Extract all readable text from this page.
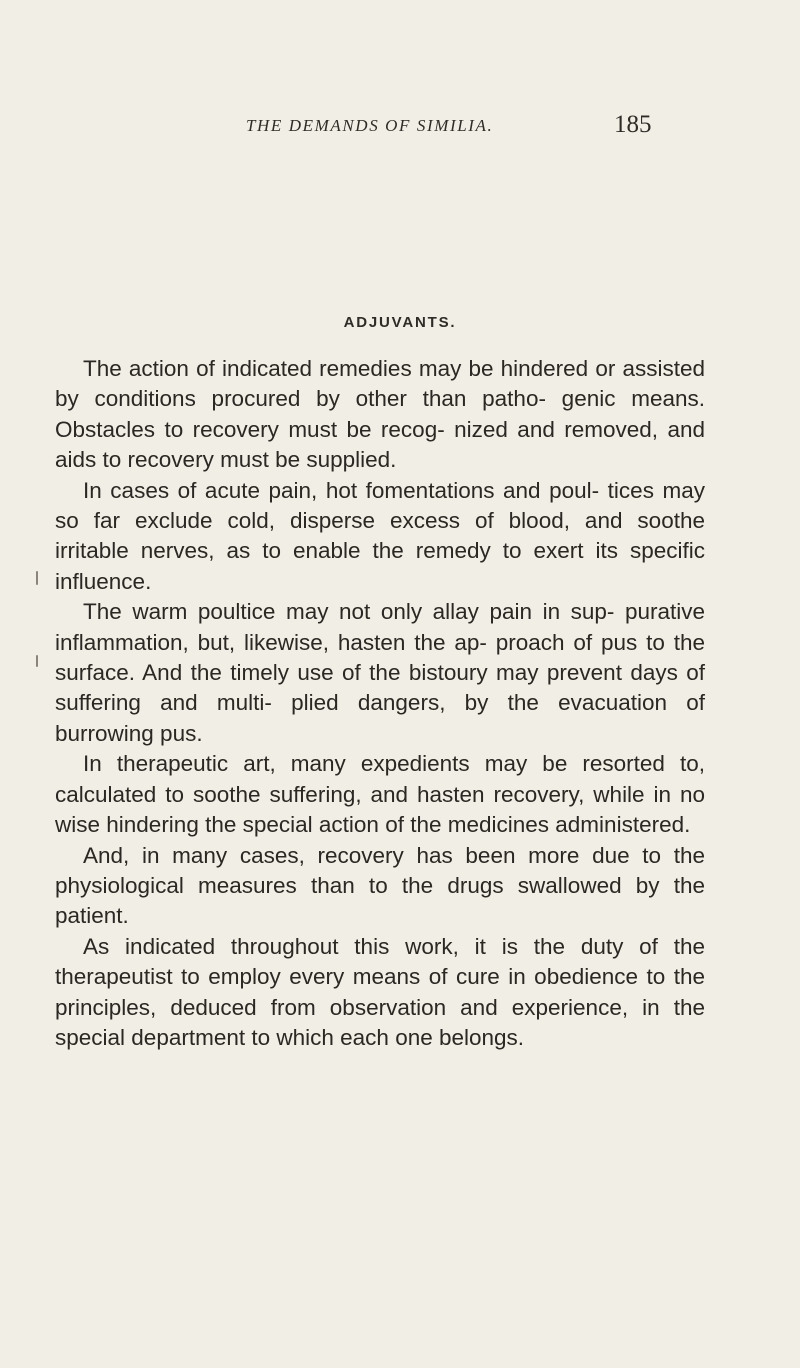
THE DEMANDS OF SIMILIA.	185
ADJUVANTS.

The action of indicated remedies may be hindered or assisted by conditions procured by other than patho- genic means. Obstacles to recovery must be recog- nized and removed, and aids to recovery must be supplied.

In cases of acute pain, hot fomentations and poul- tices may so far exclude cold, disperse excess of blood, and soothe irritable nerves, as to enable the remedy to exert its specific influence.

The warm poultice may not only allay pain in sup- purative inflammation, but, likewise, hasten the ap- proach of pus to the surface. And the timely use of the bistoury may prevent days of suffering and multi- plied dangers, by the evacuation of burrowing pus.

In therapeutic art, many expedients may be resorted to, calculated to soothe suffering, and hasten recovery, while in no wise hindering the special action of the medicines administered.

And, in many cases, recovery has been more due to the physiological measures than to the drugs swallowed by the patient.

As indicated throughout this work, it is the duty of the therapeutist to employ every means of cure in obedience to the principles, deduced from observation and experience, in the special department to which each one belongs.
